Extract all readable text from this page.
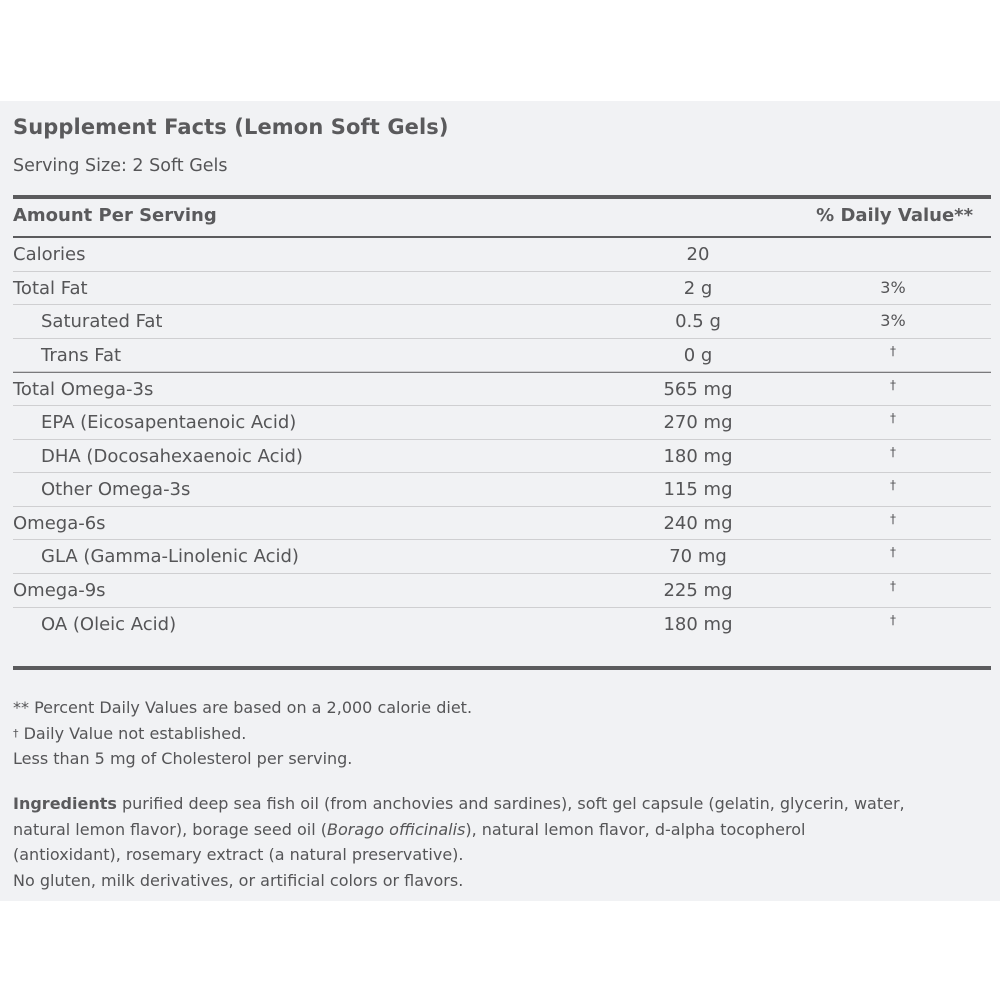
Supplement Facts (Lemon Soft Gels)
Serving Size: 2 Soft Gels
Amount Per Serving	% Daily Value**
Calories	20
Total Fat	2 g	3%
Saturated Fat	0.5 g	3%
Trans Fat	0 g	†
Total Omega-3s	565 mg	†
EPA (Eicosapentaenoic Acid)	270 mg	†
DHA (Docosahexaenoic Acid)	180 mg	†
Other Omega-3s	115 mg	†
Omega-6s	240 mg	†
GLA (Gamma-Linolenic Acid)	70 mg	†
Omega-9s	225 mg	†
OA (Oleic Acid)	180 mg	†
** Percent Daily Values are based on a 2,000 calorie diet.
† Daily Value not established.
Less than 5 mg of Cholesterol per serving.
Ingredients purified deep sea fish oil (from anchovies and sardines), soft gel capsule (gelatin, glycerin, water,
natural lemon flavor), borage seed oil (Borago officinalis), natural lemon flavor, d-alpha tocopherol
(antioxidant), rosemary extract (a natural preservative).
No gluten, milk derivatives, or artificial colors or flavors.
